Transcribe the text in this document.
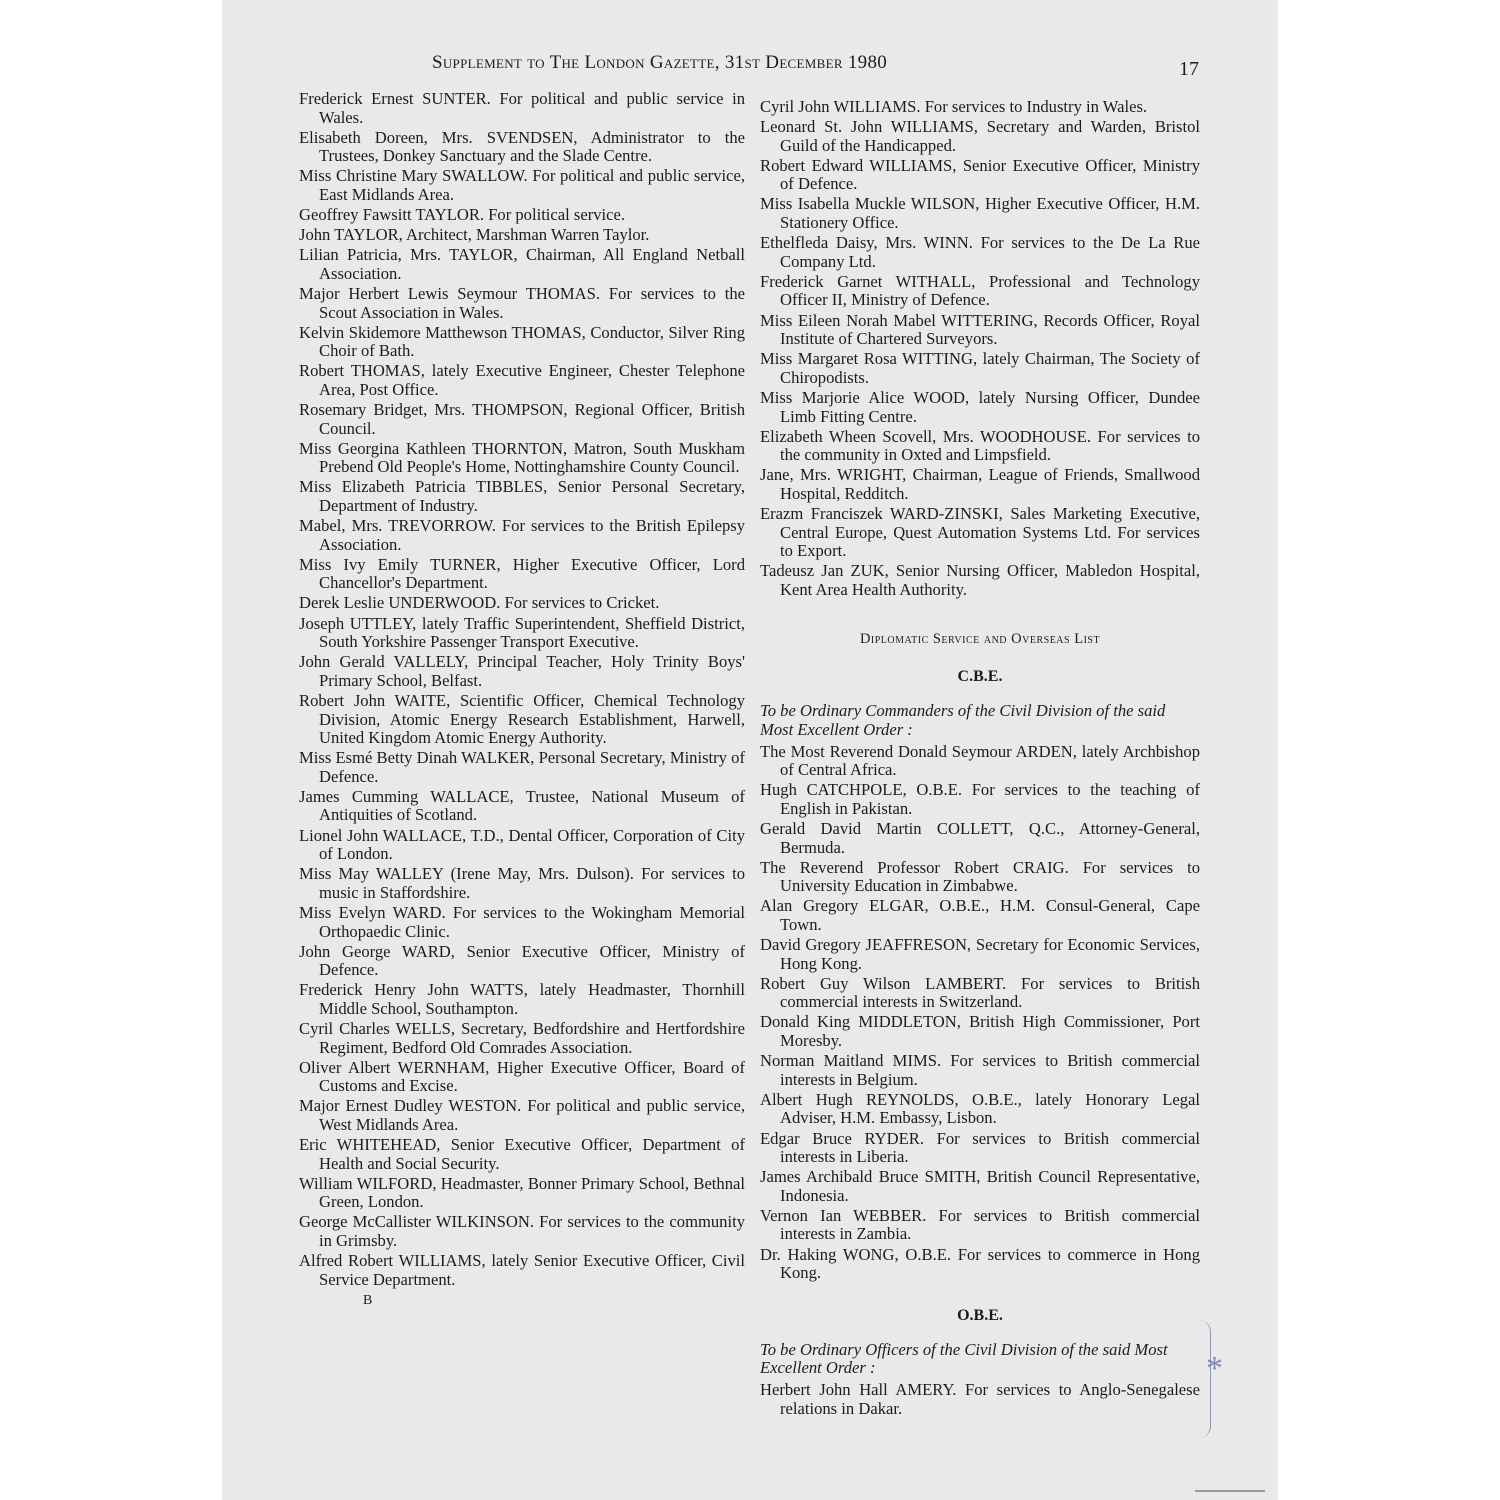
Supplement to The London Gazette, 31st December 1980	17
Frederick Ernest SUNTER. For political and public service in Wales.
Elisabeth Doreen, Mrs. SVENDSEN, Administrator to the Trustees, Donkey Sanctuary and the Slade Centre.
Miss Christine Mary SWALLOW. For political and public service, East Midlands Area.
Geoffrey Fawsitt TAYLOR. For political service.
John TAYLOR, Architect, Marshman Warren Taylor.
Lilian Patricia, Mrs. TAYLOR, Chairman, All England Netball Association.
Major Herbert Lewis Seymour THOMAS. For services to the Scout Association in Wales.
Kelvin Skidemore Matthewson THOMAS, Conductor, Silver Ring Choir of Bath.
Robert THOMAS, lately Executive Engineer, Chester Telephone Area, Post Office.
Rosemary Bridget, Mrs. THOMPSON, Regional Officer, British Council.
Miss Georgina Kathleen THORNTON, Matron, South Muskham Prebend Old People's Home, Nottinghamshire County Council.
Miss Elizabeth Patricia TIBBLES, Senior Personal Secretary, Department of Industry.
Mabel, Mrs. TREVORROW. For services to the British Epilepsy Association.
Miss Ivy Emily TURNER, Higher Executive Officer, Lord Chancellor's Department.
Derek Leslie UNDERWOOD. For services to Cricket.
Joseph UTTLEY, lately Traffic Superintendent, Sheffield District, South Yorkshire Passenger Transport Executive.
John Gerald VALLELY, Principal Teacher, Holy Trinity Boys' Primary School, Belfast.
Robert John WAITE, Scientific Officer, Chemical Technology Division, Atomic Energy Research Establishment, Harwell, United Kingdom Atomic Energy Authority.
Miss Esmé Betty Dinah WALKER, Personal Secretary, Ministry of Defence.
James Cumming WALLACE, Trustee, National Museum of Antiquities of Scotland.
Lionel John WALLACE, T.D., Dental Officer, Corporation of City of London.
Miss May WALLEY (Irene May, Mrs. Dulson). For services to music in Staffordshire.
Miss Evelyn WARD. For services to the Wokingham Memorial Orthopaedic Clinic.
John George WARD, Senior Executive Officer, Ministry of Defence.
Frederick Henry John WATTS, lately Headmaster, Thornhill Middle School, Southampton.
Cyril Charles WELLS, Secretary, Bedfordshire and Hertfordshire Regiment, Bedford Old Comrades Association.
Oliver Albert WERNHAM, Higher Executive Officer, Board of Customs and Excise.
Major Ernest Dudley WESTON. For political and public service, West Midlands Area.
Eric WHITEHEAD, Senior Executive Officer, Department of Health and Social Security.
William WILFORD, Headmaster, Bonner Primary School, Bethnal Green, London.
George McCallister WILKINSON. For services to the community in Grimsby.
Alfred Robert WILLIAMS, lately Senior Executive Officer, Civil Service Department.
B
Cyril John WILLIAMS. For services to Industry in Wales.
Leonard St. John WILLIAMS, Secretary and Warden, Bristol Guild of the Handicapped.
Robert Edward WILLIAMS, Senior Executive Officer, Ministry of Defence.
Miss Isabella Muckle WILSON, Higher Executive Officer, H.M. Stationery Office.
Ethelfleda Daisy, Mrs. WINN. For services to the De La Rue Company Ltd.
Frederick Garnet WITHALL, Professional and Technology Officer II, Ministry of Defence.
Miss Eileen Norah Mabel WITTERING, Records Officer, Royal Institute of Chartered Surveyors.
Miss Margaret Rosa WITTING, lately Chairman, The Society of Chiropodists.
Miss Marjorie Alice WOOD, lately Nursing Officer, Dundee Limb Fitting Centre.
Elizabeth Wheen Scovell, Mrs. WOODHOUSE. For services to the community in Oxted and Limpsfield.
Jane, Mrs. WRIGHT, Chairman, League of Friends, Smallwood Hospital, Redditch.
Erazm Franciszek WARD-ZINSKI, Sales Marketing Executive, Central Europe, Quest Automation Systems Ltd. For services to Export.
Tadeusz Jan ZUK, Senior Nursing Officer, Mabledon Hospital, Kent Area Health Authority.
Diplomatic Service and Overseas List
C.B.E.
To be Ordinary Commanders of the Civil Division of the said Most Excellent Order :
The Most Reverend Donald Seymour ARDEN, lately Archbishop of Central Africa.
Hugh CATCHPOLE, O.B.E. For services to the teaching of English in Pakistan.
Gerald David Martin COLLETT, Q.C., Attorney-General, Bermuda.
The Reverend Professor Robert CRAIG. For services to University Education in Zimbabwe.
Alan Gregory ELGAR, O.B.E., H.M. Consul-General, Cape Town.
David Gregory JEAFFRESON, Secretary for Economic Services, Hong Kong.
Robert Guy Wilson LAMBERT. For services to British commercial interests in Switzerland.
Donald King MIDDLETON, British High Commissioner, Port Moresby.
Norman Maitland MIMS. For services to British commercial interests in Belgium.
Albert Hugh REYNOLDS, O.B.E., lately Honorary Legal Adviser, H.M. Embassy, Lisbon.
Edgar Bruce RYDER. For services to British commercial interests in Liberia.
James Archibald Bruce SMITH, British Council Representative, Indonesia.
Vernon Ian WEBBER. For services to British commercial interests in Zambia.
Dr. Haking WONG, O.B.E. For services to commerce in Hong Kong.
O.B.E.
To be Ordinary Officers of the Civil Division of the said Most Excellent Order :
Herbert John Hall AMERY. For services to Anglo-Senegalese relations in Dakar.
*
